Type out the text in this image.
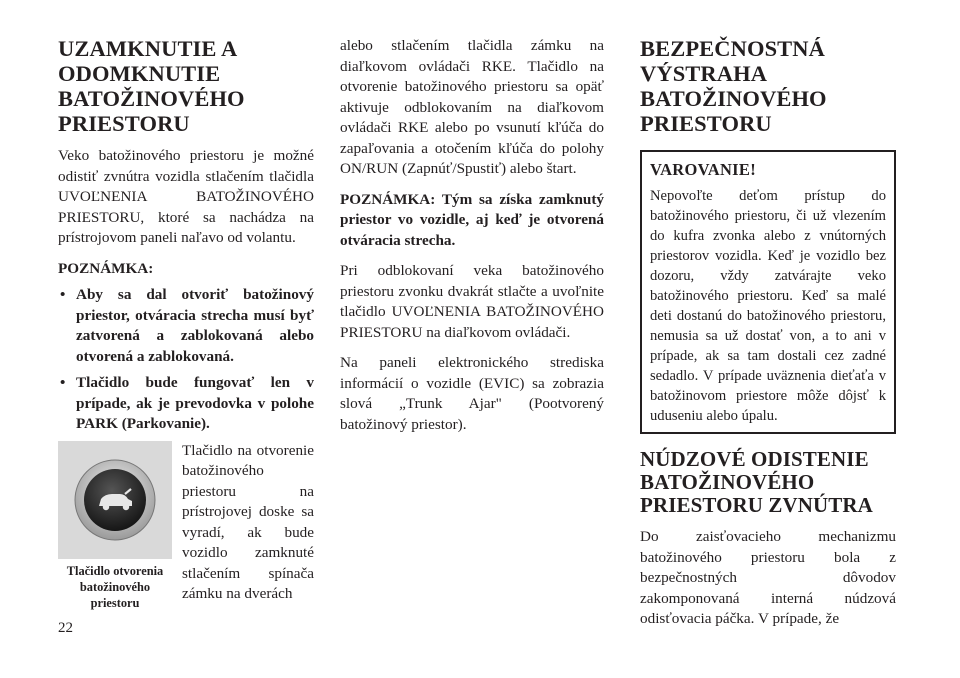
UZAMKNUTIE A
ODOMKNUTIE
BATOŽINOVÉHO
PRIESTORU

Veko batožinového priestoru je možné odistiť zvnútra vozidla stlačením tlačidla UVOĽNENIA BATOŽINOVÉHO PRIESTORU, ktoré sa nachádza na prístrojovom paneli naľavo od volantu.

POZNÁMKA:

• Aby sa dal otvoriť batožinový priestor, otváracia strecha musí byť zatvorená a zablokovaná alebo otvorená a zablokovaná.
• Tlačidlo bude fungovať len v prípade, ak je prevodovka v polohe PARK (Parkovanie).
Tlačidlo otvorenia batožinového priestoru

Tlačidlo na otvorenie batožinového priestoru na prístrojovej doske sa vyradí, ak bude vozidlo zamknuté stlačením spínača zámku na dverách

alebo stlačením tlačidla zámku na diaľkovom ovládači RKE. Tlačidlo na otvorenie batožinového priestoru sa opäť aktivuje odblokovaním na diaľkovom ovládači RKE alebo po vsunutí kľúča do zapaľovania a otočením kľúča do polohy ON/RUN (Zapnúť/Spustiť) alebo štart.

POZNÁMKA: Tým sa získa zamknutý priestor vo vozidle, aj keď je otvorená otváracia strecha.

Pri odblokovaní veka batožinového priestoru zvonku dvakrát stlačte a uvoľnite tlačidlo UVOĽNENIA BATOŽINOVÉHO PRIESTORU na diaľkovom ovládači.

Na paneli elektronického strediska informácií o vozidle (EVIC) sa zobrazia slová „Trunk Ajar" (Pootvorený batožinový priestor).

BEZPEČNOSTNÁ
VÝSTRAHA
BATOŽINOVÉHO
PRIESTORU
VAROVANIE!

Nepovoľte deťom prístup do batožinového priestoru, či už vlezením do kufra zvonka alebo z vnútorných priestorov vozidla. Keď je vozidlo bez dozoru, vždy zatvárajte veko batožinového priestoru. Keď sa malé deti dostanú do batožinového priestoru, nemusia sa už dostať von, a to ani v prípade, ak sa tam dostali cez zadné sedadlo. V prípade uväznenia dieťaťa v batožinovom priestore môže dôjsť k uduseniu alebo úpalu.

NÚDZOVÉ ODISTENIE
BATOŽINOVÉHO
PRIESTORU ZVNÚTRA

Do zaisťovacieho mechanizmu batožinového priestoru bola z bezpečnostných dôvodov zakomponovaná interná núdzová odisťovacia páčka. V prípade, že

22
